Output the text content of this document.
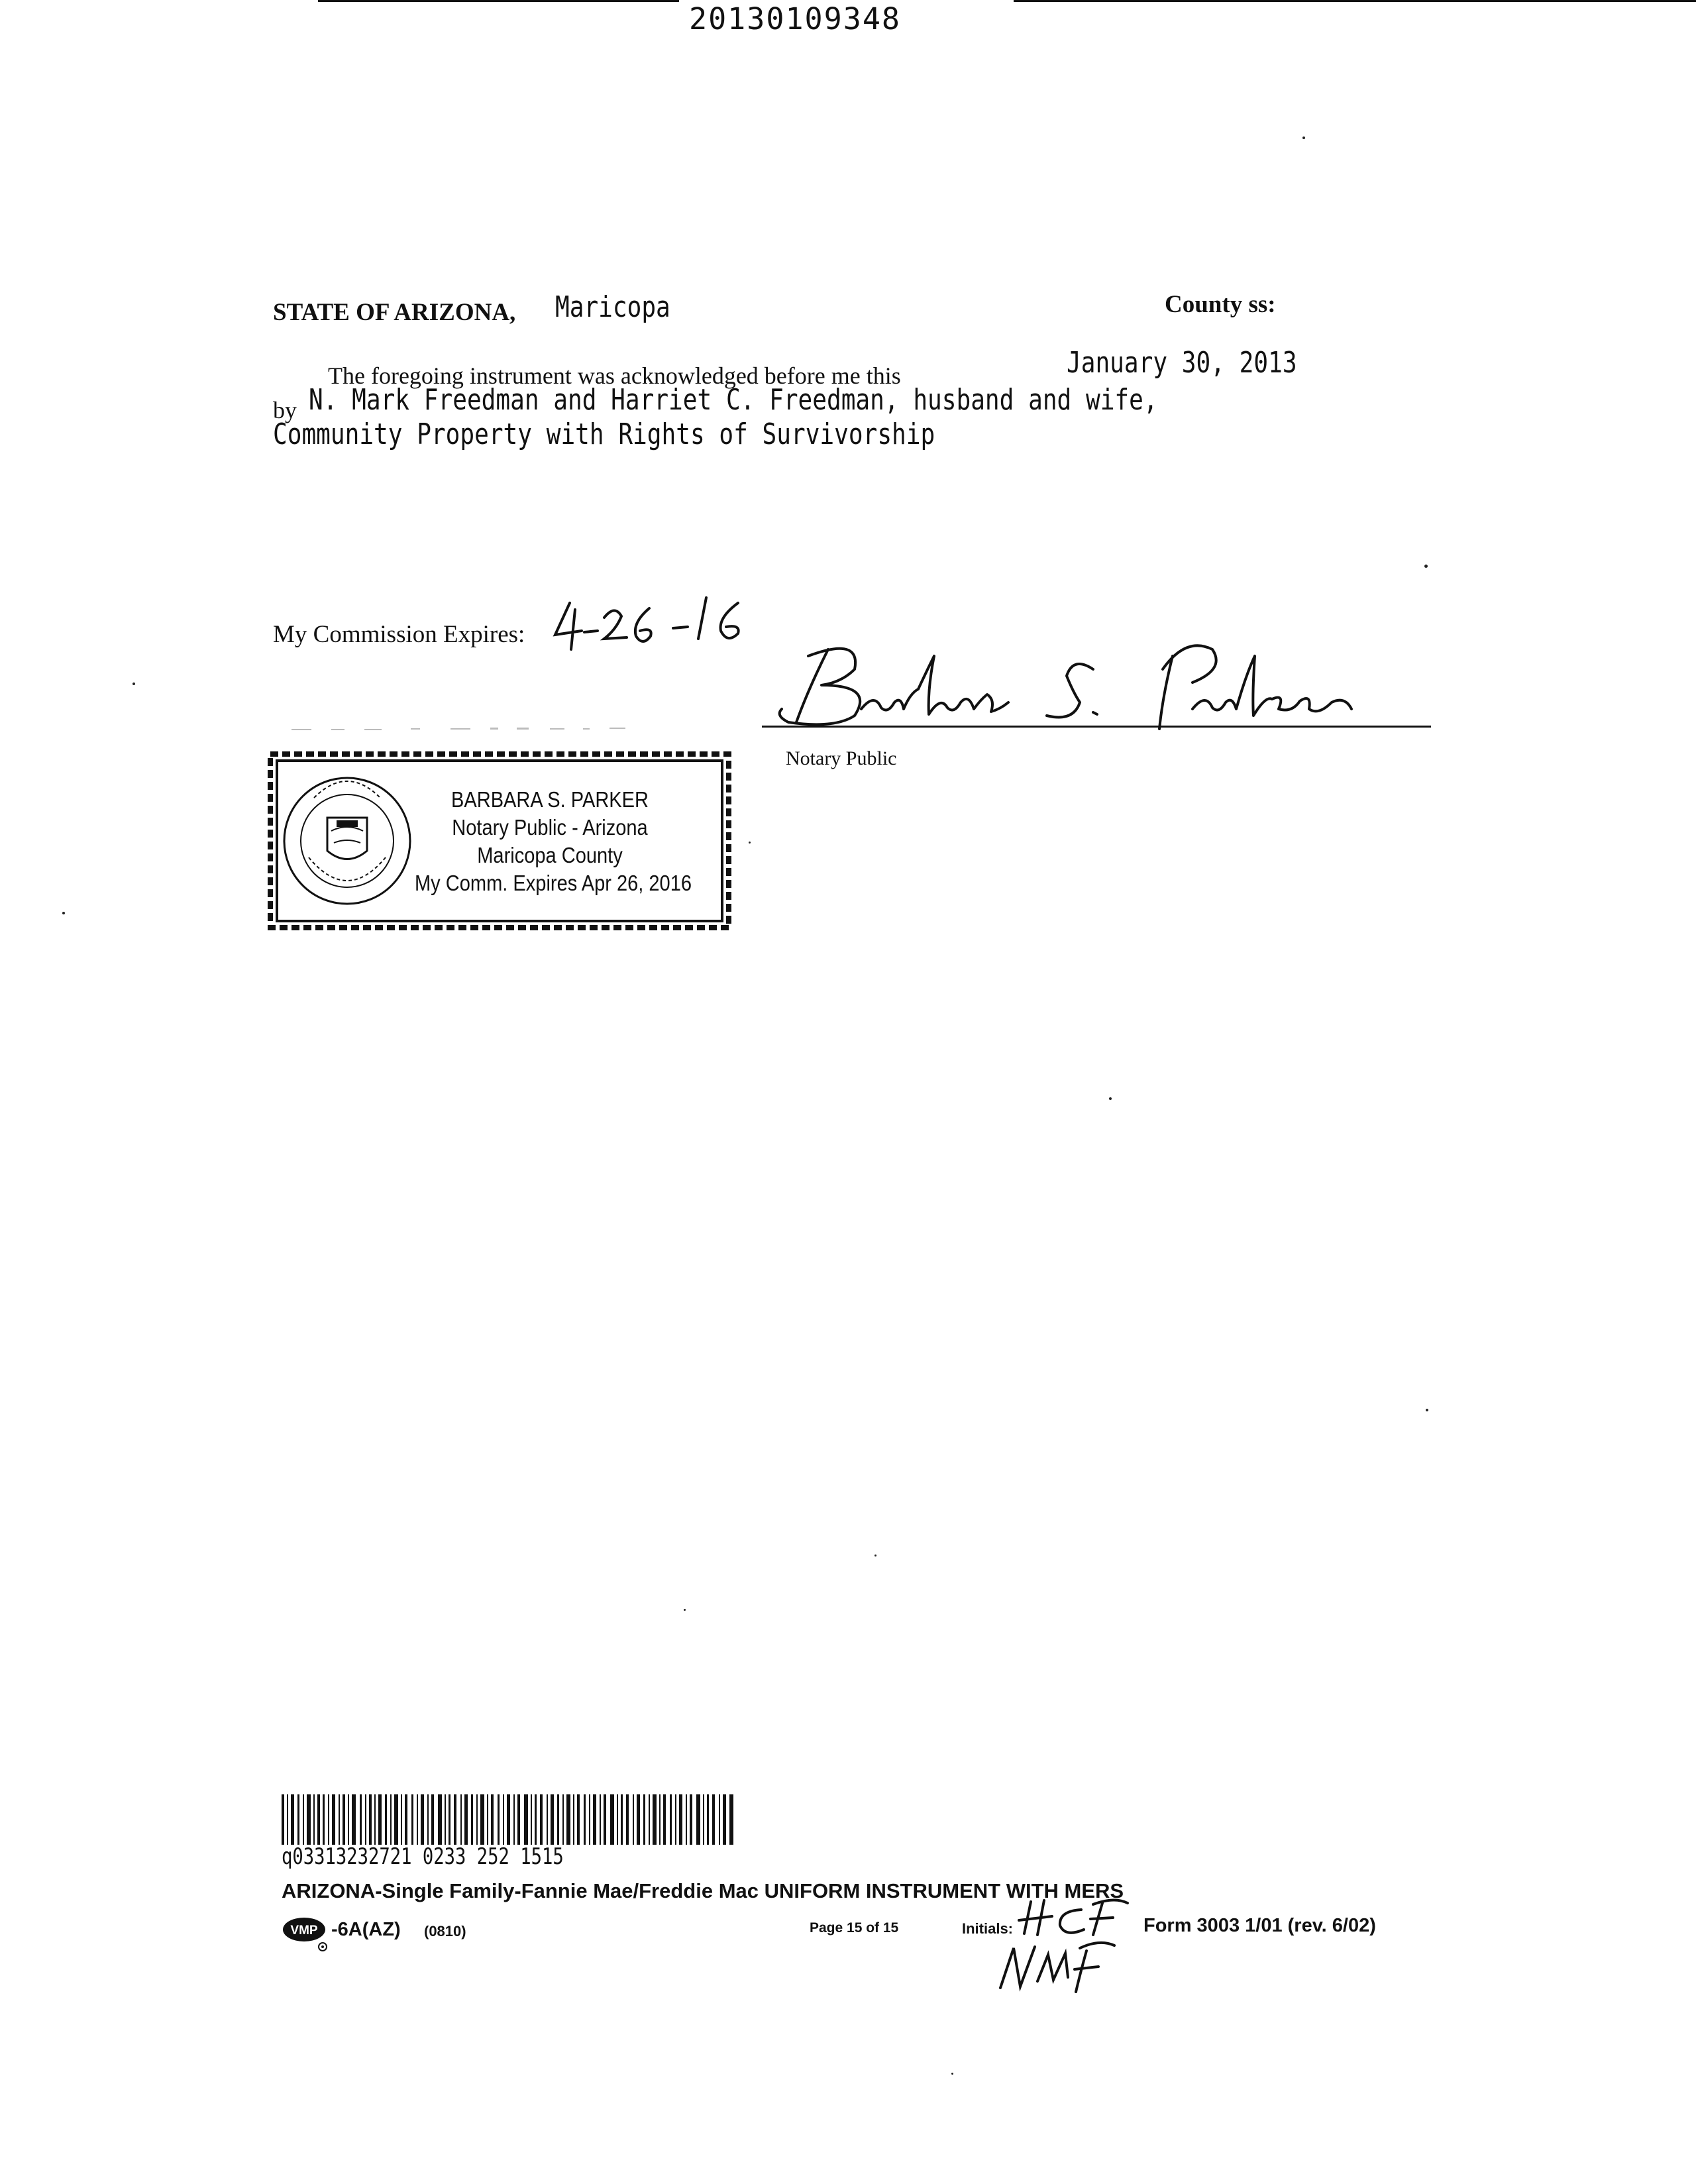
20130109348
STATE OF ARIZONA, Maricopa	County ss:
The foregoing instrument was acknowledged before me this	January 30, 2013
by N. Mark Freedman and Harriet C. Freedman, husband and wife,
Community Property with Rights of Survivorship
My Commission Expires:
Notary Public
BARBARA S. PARKER
Notary Public - Arizona
Maricopa County
My Comm. Expires Apr 26, 2016
q03313232721 0233 252 1515
ARIZONA-Single Family-Fannie Mae/Freddie Mac UNIFORM INSTRUMENT WITH MERS
VMP -6A(AZ) (0810)	Page 15 of 15	Initials:	Form 3003 1/01 (rev. 6/02)
